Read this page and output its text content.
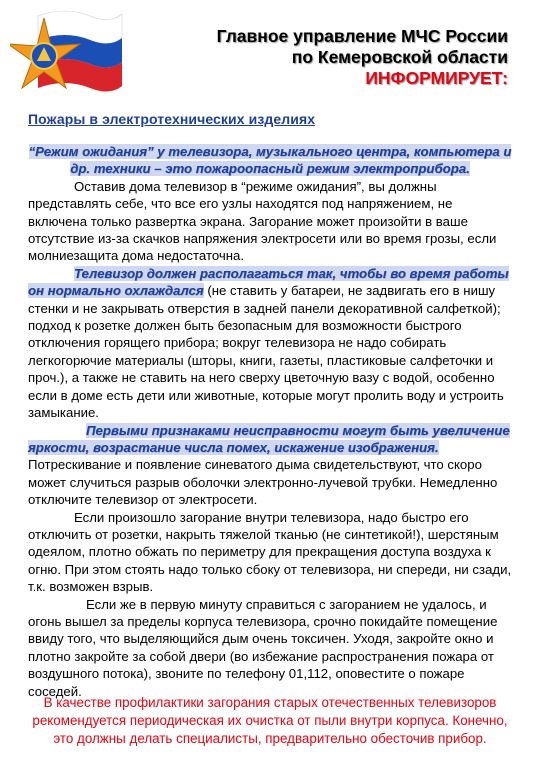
Главное управление МЧС России
по Кемеровской области
ИНФОРМИРУЕТ:
Пожары в электротехнических изделиях

“Режим ожидания” у телевизора, музыкального центра, компьютера и др. техники – это пожароопасный режим электроприбора.

Оставив дома телевизор в “режиме ожидания”, вы должны представлять себе, что все его узлы находятся под напряжением, не включена только развертка экрана. Загорание может произойти в ваше отсутствие из-за скачков напряжения электросети или во время грозы, если молниезащита дома недостаточна.

Телевизор должен располагаться так, чтобы во время работы он нормально охлаждался (не ставить у батареи, не задвигать его в нишу стенки и не закрывать отверстия в задней панели декоративной салфеткой); подход к розетке должен быть безопасным для возможности быстрого отключения горящего прибора; вокруг телевизора не надо собирать легкогорючие материалы (шторы, книги, газеты, пластиковые салфеточки и проч.), а также не ставить на него сверху цветочную вазу с водой, особенно если в доме есть дети или животные, которые могут пролить воду и устроить замыкание.

Первыми признаками неисправности могут быть увеличение яркости, возрастание числа помех, искажение изображения.

Потрескивание и появление синеватого дыма свидетельствуют, что скоро может случиться разрыв оболочки электронно-лучевой трубки. Немедленно отключите телевизор от электросети.

Если произошло загорание внутри телевизора, надо быстро его отключить от розетки, накрыть тяжелой тканью (не синтетикой!), шерстяным одеялом, плотно обжать по периметру для прекращения доступа воздуха к огню. При этом стоять надо только сбоку от телевизора, ни спереди, ни сзади, т.к. возможен взрыв.

Если же в первую минуту справиться с загоранием не удалось, и огонь вышел за пределы корпуса телевизора, срочно покидайте помещение ввиду того, что выделяющийся дым очень токсичен. Уходя, закройте окно и плотно закройте за собой двери (во избежание распространения пожара от воздушного потока), звоните по телефону 01,112, оповестите о пожаре соседей.

В качестве профилактики загорания старых отечественных телевизоров рекомендуется периодическая их очистка от пыли внутри корпуса. Конечно, это должны делать специалисты, предварительно обесточив прибор.
